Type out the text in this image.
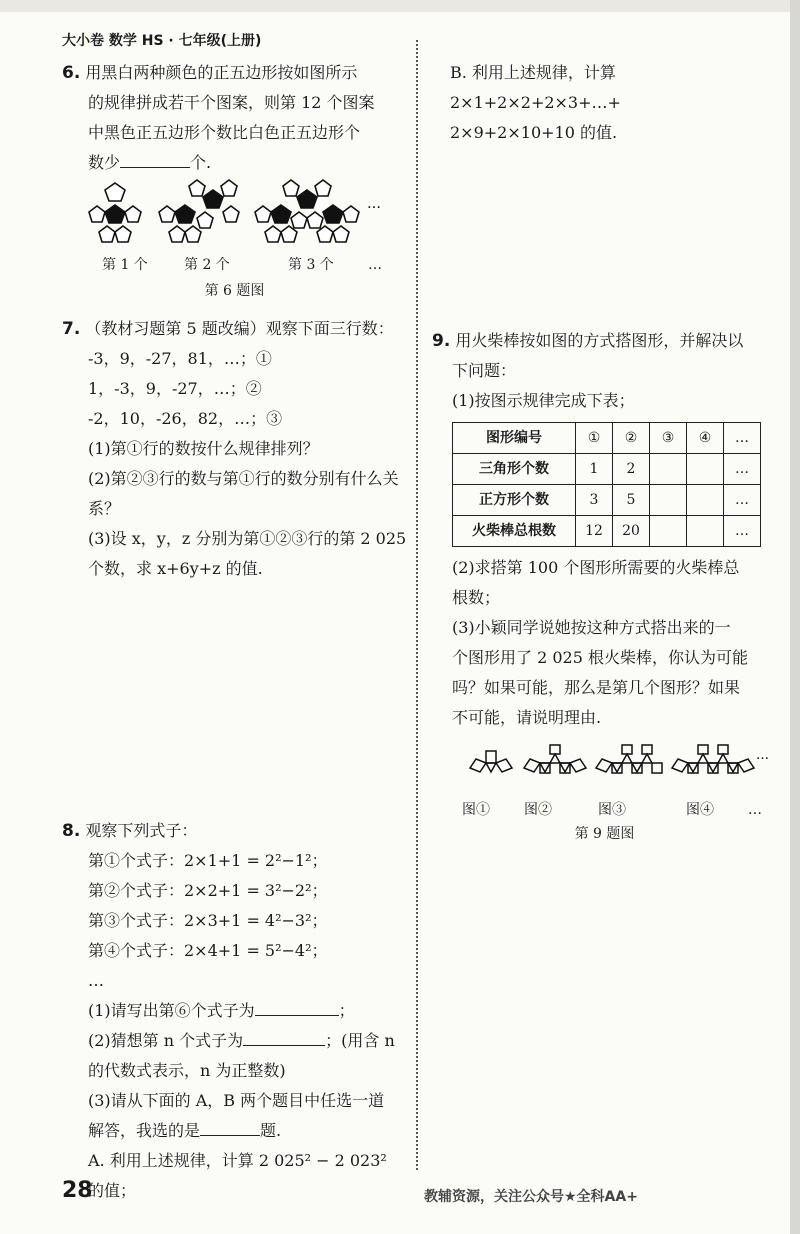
大小卷 数学 HS · 七年级(上册)
6. 用黑白两种颜色的正五边形按如图所示
的规律拼成若干个图案，则第 12 个图案
中黑色正五边形个数比白色正五边形个
数少	个.
…
第 1 个	第 2 个	第 3 个 …
第 6 题图
7. （教材习题第 5 题改编）观察下面三行数：
-3，9，-27，81，…；①
1，-3，9，-27，…；②
-2，10，-26，82，…；③
(1)第①行的数按什么规律排列？
(2)第②③行的数与第①行的数分别有什么关系？
(3)设 x，y，z 分别为第①②③行的第 2 025 个数，求 x+6y+z 的值.
8. 观察下列式子：
第①个式子：2×1+1 = 2²−1²；
第②个式子：2×2+1 = 3²−2²；
第③个式子：2×3+1 = 4²−3²；
第④个式子：2×4+1 = 5²−4²；
…
(1)请写出第⑥个式子为	；
(2)猜想第 n 个式子为	；(用含 n
的代数式表示，n 为正整数)
(3)请从下面的 A，B 两个题目中任选一道
解答，我选的是	题.
A. 利用上述规律，计算 2 025² − 2 023²
的值；
B. 利用上述规律，计算 2×1+2×2+2×3+…+
2×9+2×10+10 的值.
9. 用火柴棒按如图的方式搭图形，并解决以
下问题：
(1)按图示规律完成下表；
图形编号	①	②	③	④	…
三角形个数	1	2			…
正方形个数	3	5			…
火柴棒总根数	12	20			…
(2)求搭第 100 个图形所需要的火柴棒总
根数；
(3)小颖同学说她按这种方式搭出来的一
个图形用了 2 025 根火柴棒，你认为可能
吗？如果可能，那么是第几个图形？如果
不可能，请说明理由.
…
图① 图②	图③	图④ …
第 9 题图
28	教辅资源，关注公众号★全科AA+
